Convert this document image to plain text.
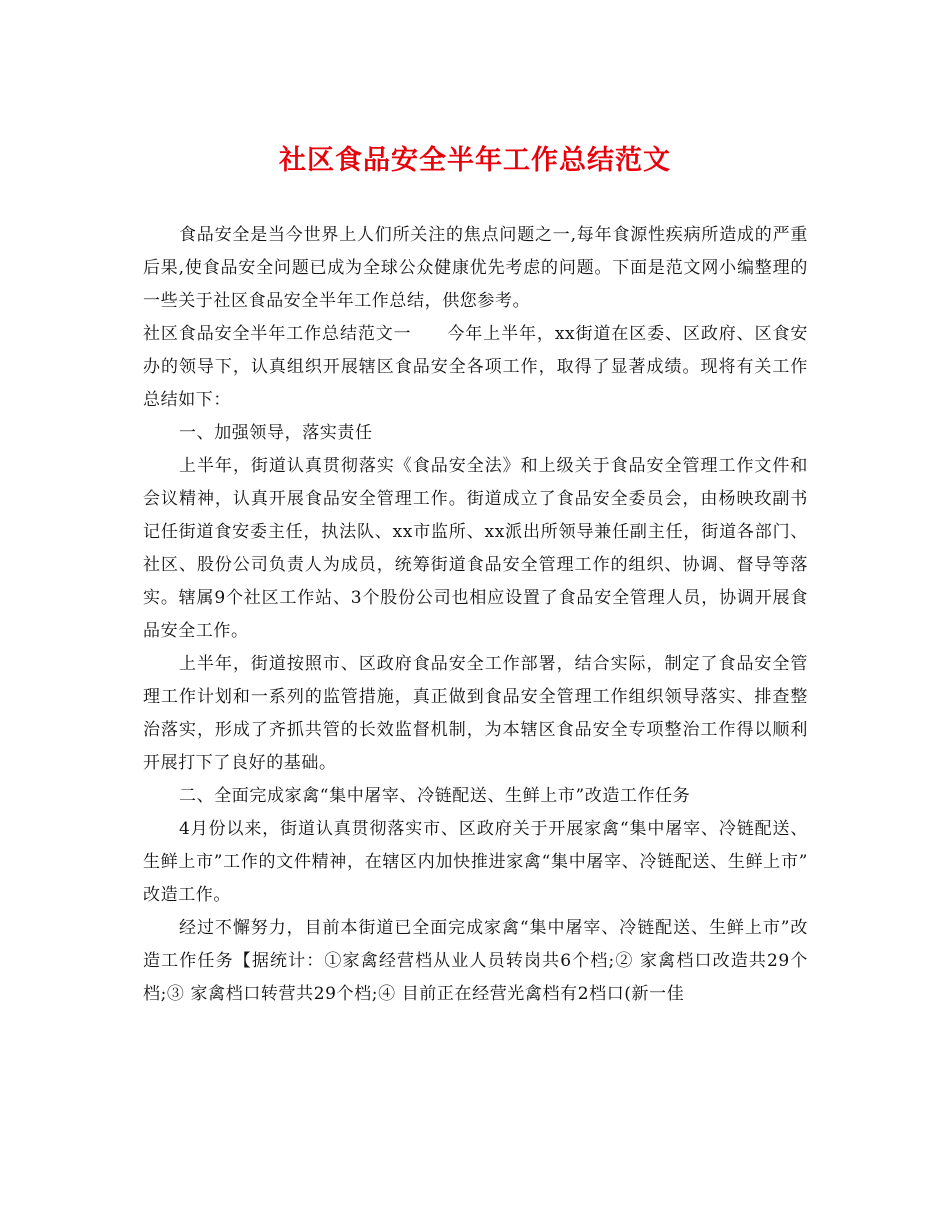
社区食品安全半年工作总结范文

食品安全是当今世界上人们所关注的焦点问题之一,每年食源性疾病所造成的严重后果,使食品安全问题已成为全球公众健康优先考虑的问题。下面是范文网小编整理的一些关于社区食品安全半年工作总结，供您参考。

社区食品安全半年工作总结范文一　　今年上半年，xx街道在区委、区政府、区食安办的领导下，认真组织开展辖区食品安全各项工作，取得了显著成绩。现将有关工作总结如下：

一、加强领导，落实责任

上半年，街道认真贯彻落实《食品安全法》和上级关于食品安全管理工作文件和会议精神，认真开展食品安全管理工作。街道成立了食品安全委员会，由杨映玫副书记任街道食安委主任，执法队、xx市监所、xx派出所领导兼任副主任，街道各部门、社区、股份公司负责人为成员，统筹街道食品安全管理工作的组织、协调、督导等落实。辖属9个社区工作站、3个股份公司也相应设置了食品安全管理人员，协调开展食品安全工作。

上半年，街道按照市、区政府食品安全工作部署，结合实际，制定了食品安全管理工作计划和一系列的监管措施，真正做到食品安全管理工作组织领导落实、排查整治落实，形成了齐抓共管的长效监督机制，为本辖区食品安全专项整治工作得以顺利开展打下了良好的基础。

二、全面完成家禽“集中屠宰、冷链配送、生鲜上市”改造工作任务

4月份以来，街道认真贯彻落实市、区政府关于开展家禽“集中屠宰、冷链配送、生鲜上市”工作的文件精神，在辖区内加快推进家禽“集中屠宰、冷链配送、生鲜上市” 改造工作。

经过不懈努力，目前本街道已全面完成家禽“集中屠宰、冷链配送、生鲜上市”改造工作任务【据统计：①家禽经营档从业人员转岗共6个档;② 家禽档口改造共29个档;③ 家禽档口转营共29个档;④ 目前正在经营光禽档有2档口(新一佳
